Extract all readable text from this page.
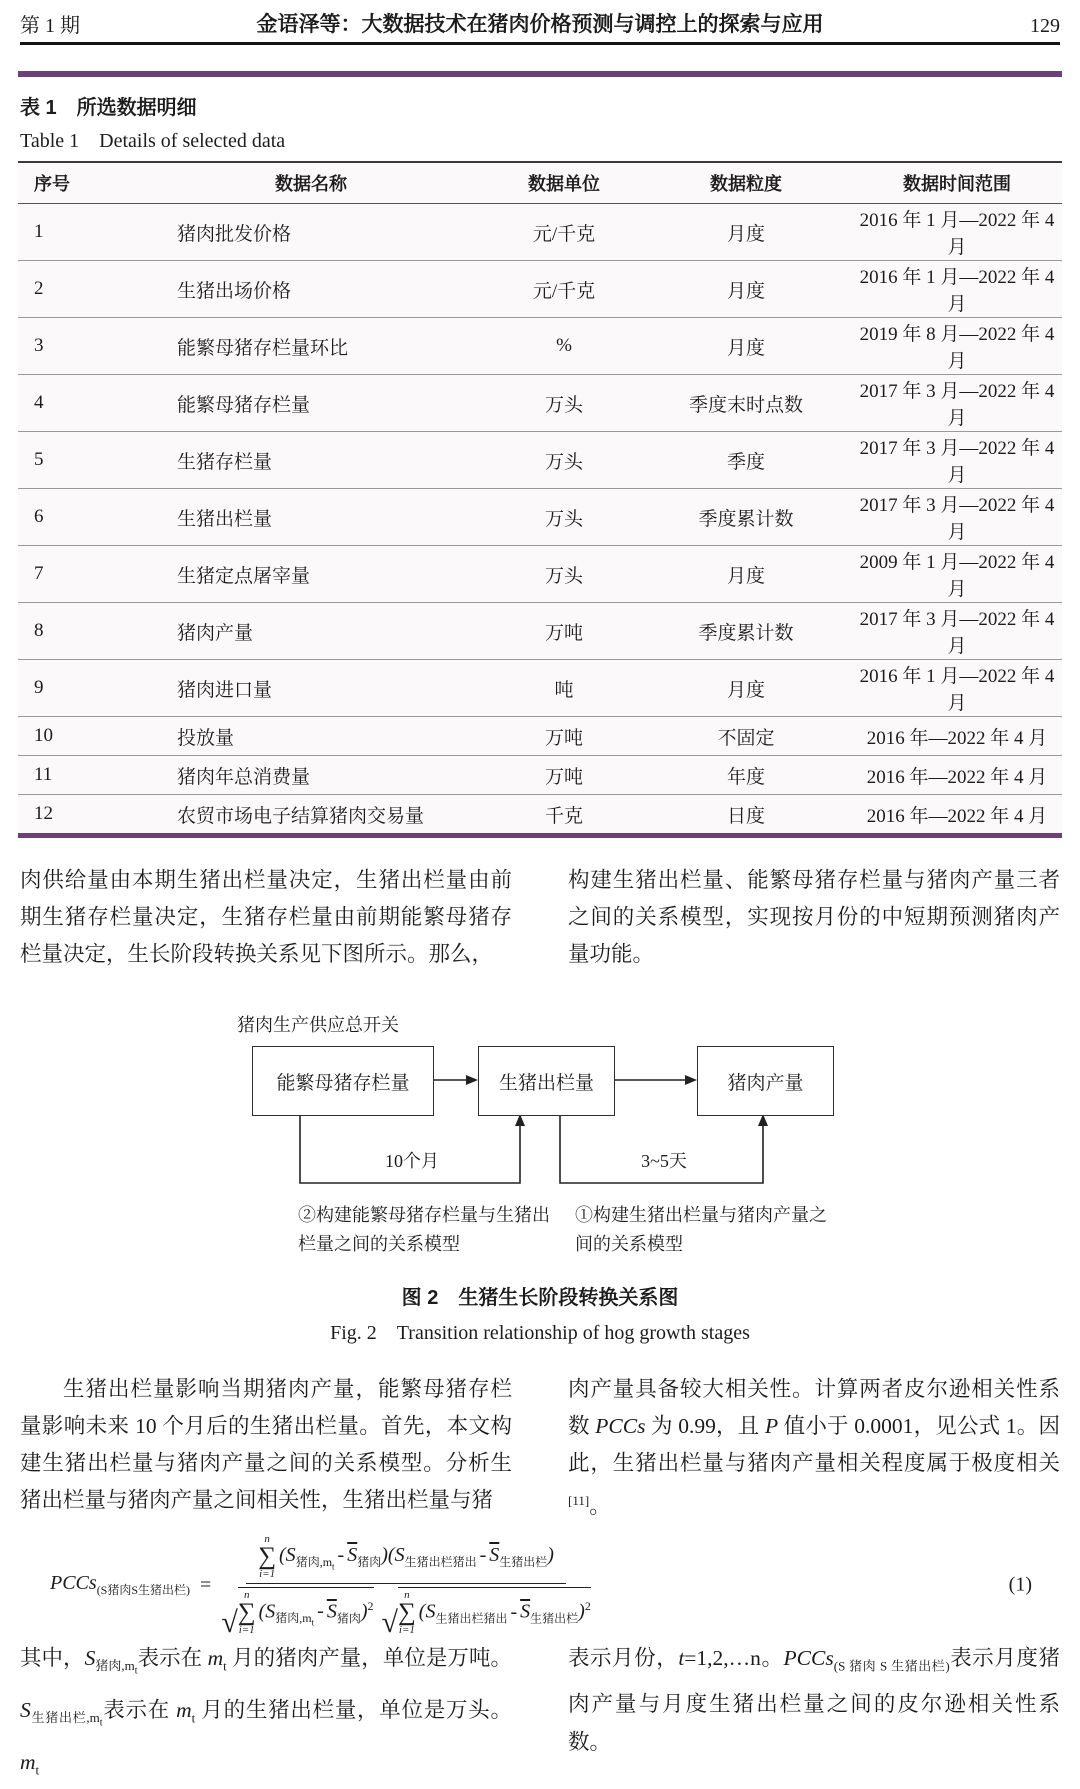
第 1 期	金语泽等：大数据技术在猪肉价格预测与调控上的探索与应用	129
表 1　所选数据明细
Table 1　Details of selected data
序号	数据名称	数据单位	数据粒度	数据时间范围
1	猪肉批发价格	元/千克	月度	2016 年 1 月—2022 年 4 月
2	生猪出场价格	元/千克	月度	2016 年 1 月—2022 年 4 月
3	能繁母猪存栏量环比	%	月度	2019 年 8 月—2022 年 4 月
4	能繁母猪存栏量	万头	季度末时点数	2017 年 3 月—2022 年 4 月
5	生猪存栏量	万头	季度	2017 年 3 月—2022 年 4 月
6	生猪出栏量	万头	季度累计数	2017 年 3 月—2022 年 4 月
7	生猪定点屠宰量	万头	月度	2009 年 1 月—2022 年 4 月
8	猪肉产量	万吨	季度累计数	2017 年 3 月—2022 年 4 月
9	猪肉进口量	吨	月度	2016 年 1 月—2022 年 4 月
10	投放量	万吨	不固定	2016 年—2022 年 4 月
11	猪肉年总消费量	万吨	年度	2016 年—2022 年 4 月
12	农贸市场电子结算猪肉交易量	千克	日度	2016 年—2022 年 4 月

肉供给量由本期生猪出栏量决定，生猪出栏量由前期生猪存栏量决定，生猪存栏量由前期能繁母猪存栏量决定，生长阶段转换关系见下图所示。那么，

构建生猪出栏量、能繁母猪存栏量与猪肉产量三者之间的关系模型，实现按月份的中短期预测猪肉产量功能。

猪肉生产供应总开关
能繁母猪存栏量	生猪出栏量	猪肉产量
10个月	3~5天
②构建能繁母猪存栏量与生猪出栏量之间的关系模型
①构建生猪出栏量与猪肉产量之间的关系模型
图 2　生猪生长阶段转换关系图
Fig. 2　Transition relationship of hog growth stages

生猪出栏量影响当期猪肉产量，能繁母猪存栏量影响未来 10 个月后的生猪出栏量。首先，本文构建生猪出栏量与猪肉产量之间的关系模型。分析生猪出栏量与猪肉产量之间相关性，生猪出栏量与猪

肉产量具备较大相关性。计算两者皮尔逊相关性系数 PCCs 为 0.99，且 P 值小于 0.0001，见公式 1。因此，生猪出栏量与猪肉产量相关程度属于极度相关[11]。

PCCs$_{(S猪肉S生猪出栏)}$ =
n
∑
i=1
($S_{猪肉,m_t}-$ $\overline{S}_{猪肉}$) $(S_{生猪出栏猪出} - \overline{S}_{生猪出栏})$
√
n
∑
i=1
($S_{猪肉,m_t}-$ $\overline{S}_{猪肉})^2$
√
n
∑
i=1
$(S_{生猪出栏猪出} - \overline{S}_{生猪出栏})^2$
(1)

其中，$S_{猪肉,m_t}$表示在 $m_t$ 月的猪肉产量，单位是万吨。$S_{生猪出栏,m_t}$表示在 $m_t$ 月的生猪出栏量，单位是万头。$m_t$

表示月份，t=1,2,…n。PCCs$_{(S 猪肉 S 生猪出栏)}$表示月度猪肉产量与月度生猪出栏量之间的皮尔逊相关性系数。
